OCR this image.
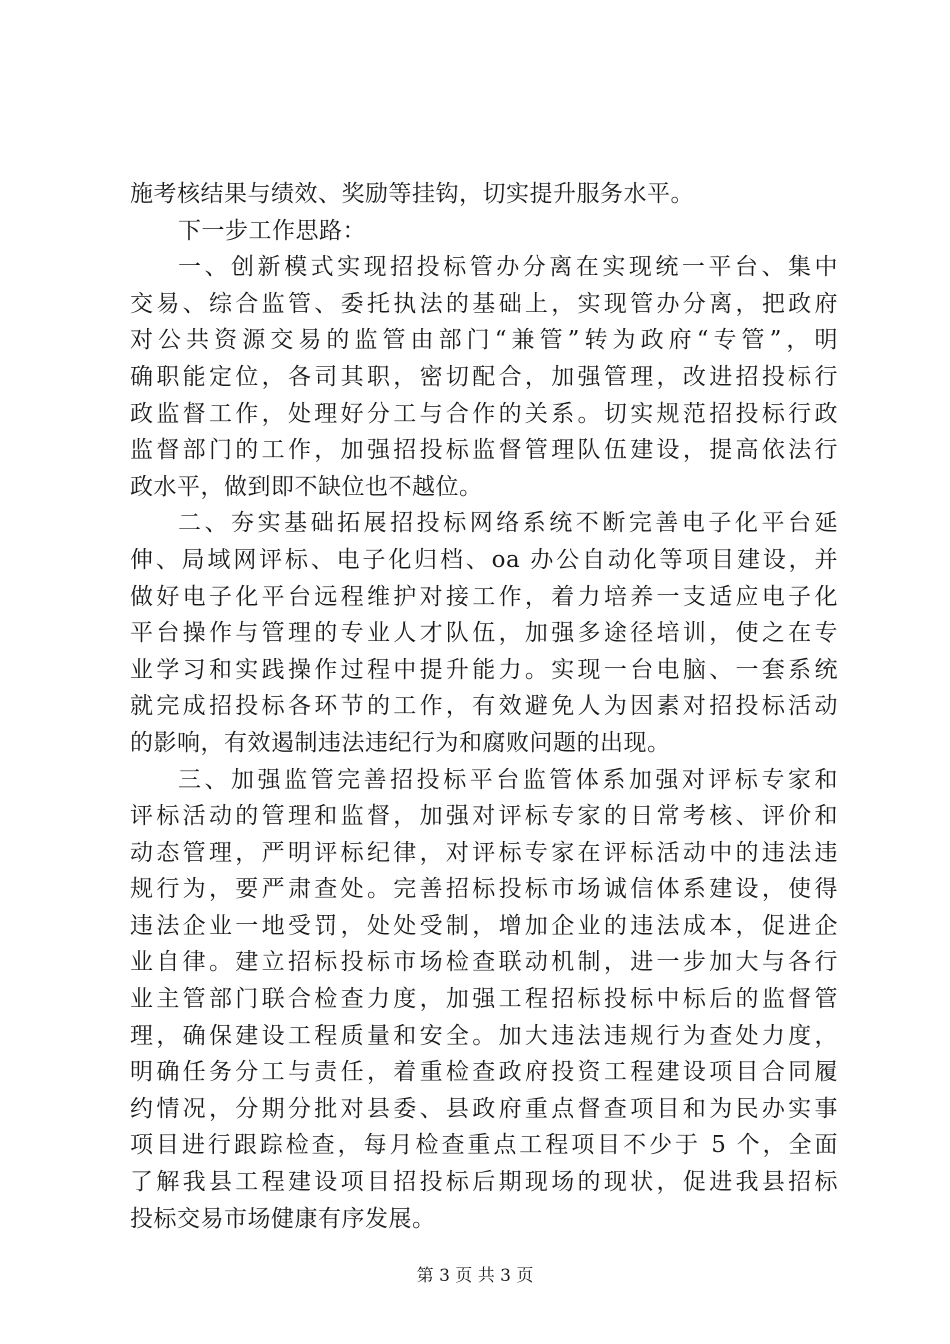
施考核结果与绩效、奖励等挂钩，切实提升服务水平。
下一步工作思路：
一、创新模式实现招投标管办分离在实现统一平台、集中
交易、综合监管、委托执法的基础上，实现管办分离，把政府
对公共资源交易的监管由部门“兼管”转为政府“专管”，明
确职能定位，各司其职，密切配合，加强管理，改进招投标行
政监督工作，处理好分工与合作的关系。切实规范招投标行政
监督部门的工作，加强招投标监督管理队伍建设，提高依法行
政水平，做到即不缺位也不越位。
二、夯实基础拓展招投标网络系统不断完善电子化平台延
伸、局域网评标、电子化归档、oa 办公自动化等项目建设，并
做好电子化平台远程维护对接工作，着力培养一支适应电子化
平台操作与管理的专业人才队伍，加强多途径培训，使之在专
业学习和实践操作过程中提升能力。实现一台电脑、一套系统
就完成招投标各环节的工作，有效避免人为因素对招投标活动
的影响，有效遏制违法违纪行为和腐败问题的出现。
三、加强监管完善招投标平台监管体系加强对评标专家和
评标活动的管理和监督，加强对评标专家的日常考核、评价和
动态管理，严明评标纪律，对评标专家在评标活动中的违法违
规行为，要严肃查处。完善招标投标市场诚信体系建设，使得
违法企业一地受罚，处处受制，增加企业的违法成本，促进企
业自律。建立招标投标市场检查联动机制，进一步加大与各行
业主管部门联合检查力度，加强工程招标投标中标后的监督管
理，确保建设工程质量和安全。加大违法违规行为查处力度，
明确任务分工与责任，着重检查政府投资工程建设项目合同履
约情况，分期分批对县委、县政府重点督查项目和为民办实事
项目进行跟踪检查，每月检查重点工程项目不少于 5 个，全面
了解我县工程建设项目招投标后期现场的现状，促进我县招标
投标交易市场健康有序发展。
第 3 页 共 3 页
